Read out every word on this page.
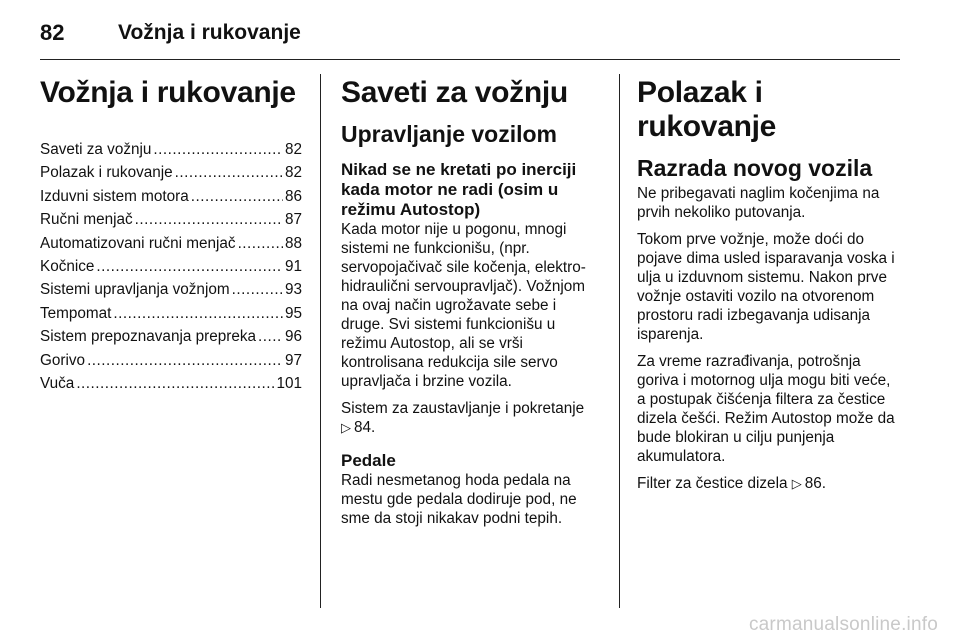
82	Vožnja i rukovanje
Vožnja i rukovanje
Saveti za vožnju .....	82
Polazak i rukovanje .....	82
Izduvni sistem motora .....	86
Ručni menjač .....	87
Automatizovani ručni menjač .....	88
Kočnice .....	91
Sistemi upravljanja vožnjom .....	93
Tempomat .....	95
Sistem prepoznavanja prepreka ..... 96
Gorivo .....	97
Vuča .....	101
Saveti za vožnju
Upravljanje vozilom
Nikad se ne kretati po inerciji kada motor ne radi (osim u režimu Autostop)

Kada motor nije u pogonu, mnogi sistemi ne funkcionišu, (npr. servopojačivač sile kočenja, elektro-hidraulični servoupravljač). Vožnjom na ovaj način ugrožavate sebe i druge. Svi sistemi funkcionišu u režimu Autostop, ali se vrši kontrolisana redukcija sile servo upravljača i brzine vozila.

Sistem za zaustavljanje i pokretanje
▷ 84.

Pedale

Radi nesmetanog hoda pedala na mestu gde pedala dodiruje pod, ne sme da stoji nikakav podni tepih.

Polazak i rukovanje
Razrada novog vozila

Ne pribegavati naglim kočenjima na prvih nekoliko putovanja.

Tokom prve vožnje, može doći do pojave dima usled isparavanja voska i ulja u izduvnom sistemu. Nakon prve vožnje ostaviti vozilo na otvorenom prostoru radi izbegavanja udisanja isparenja.

Za vreme razrađivanja, potrošnja goriva i motornog ulja mogu biti veće, a postupak čišćenja filtera za čestice dizela češći. Režim Autostop može da bude blokiran u cilju punjenja akumulatora.

Filter za čestice dizela ▷ 86.

carmanualsonline.info
